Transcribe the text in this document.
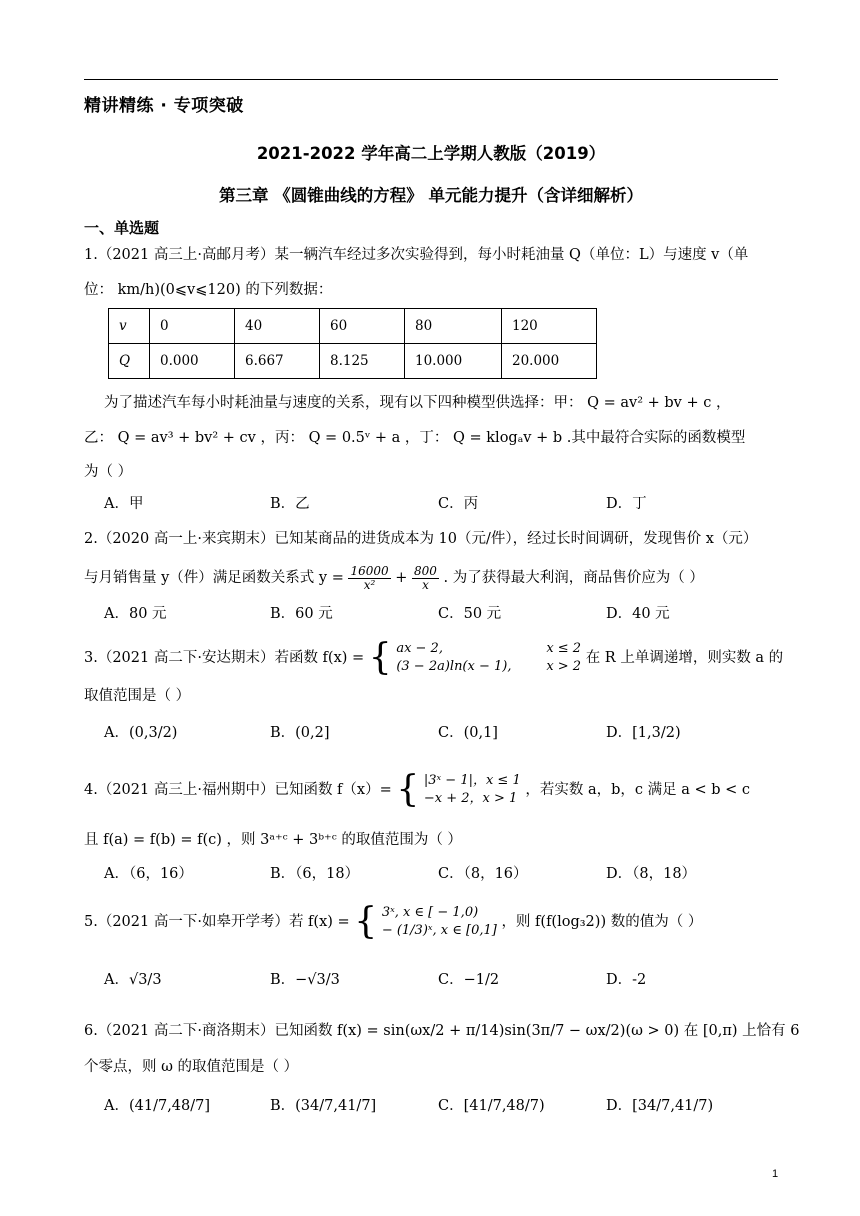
精讲精练 · 专项突破
2021-2022 学年高二上学期人教版（2019）
第三章 《圆锥曲线的方程》 单元能力提升（含详细解析）
一、单选题
1.（2021 高三上·高邮月考）某一辆汽车经过多次实验得到，每小时耗油量 Q（单位：L）与速度 v（单
位： km/h)(0⩽v⩽120) 的下列数据：
v	0	40	60	80	120
Q	0.000	6.667	8.125	10.000	20.000
为了描述汽车每小时耗油量与速度的关系，现有以下四种模型供选择：甲： Q = av² + bv + c ，
乙： Q = av³ + bv² + cv ，丙： Q = 0.5ᵛ + a ，丁： Q = klogₐv + b .其中最符合实际的函数模型
为（ ）
A．甲	B．乙	C．丙	D．丁
2.（2020 高一上·来宾期末）已知某商品的进货成本为 10（元/件），经过长时间调研，发现售价 x（元）
与月销售量 y（件）满足函数关系式 $y = \frac{16000}{\text{x²}} + \frac{800}{x}$ . 为了获得最大利润，商品售价应为（ ）
A．80 元	B．60 元	C．50 元	D．40 元
3.（2021 高二下·安达期末）若函数 f(x) = { ax − 2,	x ≤ 2
(3 − 2a)ln(x − 1),	x > 2 在 R 上单调递增，则实数 a 的
取值范围是（ ）
A．(0,3/2)	B．(0,2]	C．(0,1]	D．[1,3/2)
4.（2021 高三上·福州期中）已知函数 f（x）= { |3ˣ − 1|，x ≤ 1
−x + 2，x > 1 ，若实数 a，b，c 满足 a < b < c
且 f(a) = f(b) = f(c) ，则 3ᵃ⁺ᶜ + 3ᵇ⁺ᶜ 的取值范围为（ ）
A．（6，16）	B．（6，18）	C．（8，16）	D．（8，18）
5.（2021 高一下·如皋开学考）若 f(x) = { 3ˣ, x ∈ [ − 1,0)
− (1/3)ˣ, x ∈ [0,1] ，则 f(f(log₃2)) 数的值为（ ）
A．√3/3	B．−√3/3	C．−1/2	D．-2
6.（2021 高二下·商洛期末）已知函数 f(x) = sin(ωx/2 + π/14)sin(3π/7 − ωx/2)(ω > 0) 在 [0,π) 上恰有 6
个零点，则 ω 的取值范围是（ ）
A．(41/7,48/7]	B．(34/7,41/7]	C．[41/7,48/7)	D．[34/7,41/7)
1
